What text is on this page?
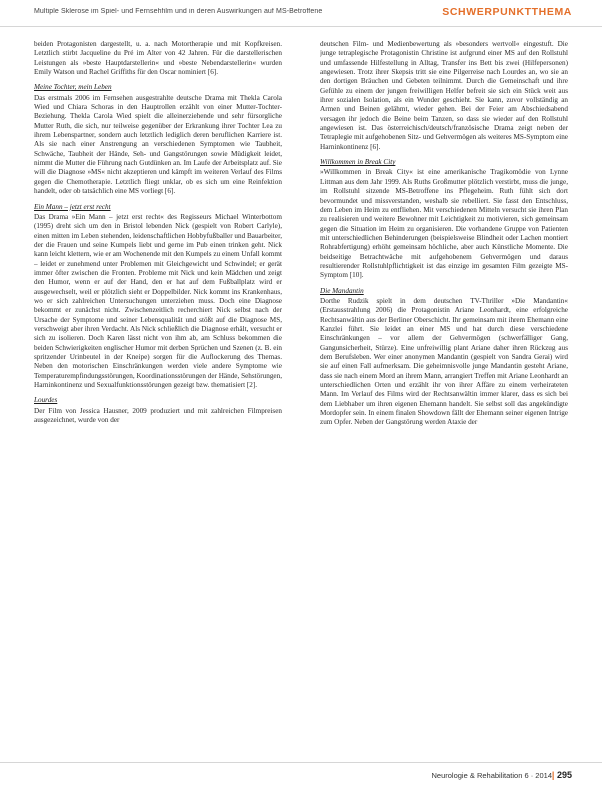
Multiple Sklerose im Spiel- und Fernsehfilm und in deren Auswirkungen auf MS-Betroffene	SCHWERPUNKTTHEMA

beiden Protagonisten dargestellt, u. a. nach Motortherapie und mit Kopfkreisen. Letztlich stirbt Jacqueline du Pré im Alter von 42 Jahren. Für die darstellerischen Leistungen als »beste Hauptdarstellerin« und »beste Nebendarstellerin« wurden Emily Watson und Rachel Griffiths für den Oscar nominiert [6].

Meine Tochter, mein Leben

Das erstmals 2006 im Fernsehen ausgestrahlte deutsche Drama mit Thekla Carola Wied und Chiara Schoras in den Hauptrollen erzählt von einer Mutter-Tochter-Beziehung. Thekla Carola Wied spielt die alleinerziehende und sehr fürsorgliche Mutter Ruth, die sich, nur teilweise gegenüber der Erkrankung ihrer Tochter Lea zu ihrem Lebenspartner, sondern auch letztlich lediglich deren beruflichen Karriere ist. Als sie nach einer Anstrengung an verschiedenen Symptomen wie Taubheit, Schwäche, Taubheit der Hände, Seh- und Gangstörungen sowie Müdigkeit leidet, nimmt die Mutter die Führung nach Gutdünken an. Im Laufe der Arbeitsplatz auf. Sie will die Diagnose »MS« nicht akzeptieren und kämpft im weiteren Verlauf des Films gegen die Chemotherapie. Letztlich fliegt unklar, ob es sich um eine Reinfektion handelt, oder ob tatsächlich eine MS vorliegt [6].

Ein Mann – jetzt erst recht

Das Drama »Ein Mann – jetzt erst recht« des Regisseurs Michael Winterbottom (1995) dreht sich um den in Bristol lebenden Nick (gespielt von Robert Carlyle), einen mitten im Leben stehenden, leidenschaftlichen Hobbyfußballer und Bauarbeiter, der die Frauen und seine Kumpels liebt und gerne im Pub einen trinken geht. Nick kann leicht klettern, wie er am Wochenende mit den Kumpels zu einem Unfall kommt – leidet er zunehmend unter Problemen mit Gleichgewicht und Schwindel; er gerät immer öfter zwischen die Fronten. Probleme mit Nick und kein Mädchen und zeigt den Humor, wenn er auf der Hand, den er hat auf dem Fußballplatz wird er ausgewechselt, weil er plötzlich sieht er Doppelbilder. Nick kommt ins Krankenhaus, wo er sich zahlreichen Untersuchungen unterziehen muss. Doch eine Diagnose bekommt er zunächst nicht. Zwischenzeitlich recherchiert Nick selbst nach der Ursache der Symptome und seiner Lebensqualität und stößt auf die Diagnose MS, verschweigt aber ihren Verdacht. Als Nick schließlich die Diagnose erhält, versucht er sich zu isolieren. Doch Karen lässt nicht von ihm ab, am Schluss bekommen die beiden Schwierigkeiten englischer Humor mit derben Sprüchen und Szenen (z. B. ein spritzender Urinbeutel in der Kneipe) sorgen für die Auflockerung des Themas. Neben den motorischen Einschränkungen werden viele andere Symptome wie Temperaturempfindungsstörungen, Koordinationsstörungen der Hände, Sehstörungen, Harninkontinenz und Sexualfunktionsstörungen gezeigt bzw. thematisiert [2].

Lourdes

Der Film von Jessica Hausner, 2009 produziert und mit zahlreichen Filmpreisen ausgezeichnet, wurde von der

deutschen Film- und Medienbewertung als »besonders wertvoll« eingestuft. Die junge tetraplegische Protagonistin Christine ist aufgrund einer MS auf den Rollstuhl und umfassende Hilfestellung in Alltag, Transfer ins Bett bis zwei (Hilfepersonen) angewiesen. Trotz ihrer Skepsis tritt sie eine Pilgerreise nach Lourdes an, wo sie an den dortigen Bräuchen und Gebeten teilnimmt. Durch die Gemeinschaft und ihre Gefühle zu einem der jungen freiwilligen Helfer befreit sie sich ein Stück weit aus ihrer sozialen Isolation, als ein Wunder geschieht. Sie kann, zuvor vollständig an Armen und Beinen gelähmt, wieder gehen. Bei der Feier am Abschiedsabend versagen ihr jedoch die Beine beim Tanzen, so dass sie wieder auf den Rollstuhl angewiesen ist. Das österreichisch/deutsch/französische Drama zeigt neben der Tetraplegie mit aufgehobenen Sitz- und Gehvermögen als weiteres MS-Symptom eine Harninkontinenz [6].

Willkommen in Break City

»Willkommen in Break City« ist eine amerikanische Tragikomödie von Lynne Littman aus dem Jahr 1999. Als Ruths Großmutter plötzlich verstirbt, muss die junge, im Rollstuhl sitzende MS-Betroffene ins Pflegeheim. Ruth fühlt sich dort bevormundet und missverstanden, weshalb sie rebelliert. Sie fasst den Entschluss, dem Leben im Heim zu entfliehen. Mit verschiedenen Mitteln versucht sie ihren Plan zu realisieren und weitere Bewohner mit Leichtigkeit zu motivieren, sich gemeinsam gegen die Situation im Heim zu organisieren. Die vorhandene Gruppe von Patienten mit unterschiedlichen Behinderungen (beispielsweise Blindheit oder Lachen montiert Rohrabfertigung) erhöht gemeinsam höchliche, aber auch Künstliche Momente. Die beidseitige Betrachtwäche mit aufgehobenem Gehvermögen und daraus resultierender Rollstuhlpflichtigkeit ist das einzige im gesamten Film gezeigte MS-Symptom [10].

Die Mandantin

Dorthe Rudzik spielt in dem deutschen TV-Thriller »Die Mandantin« (Erstausstrahlung 2006) die Protagonistin Ariane Leonhardt, eine erfolgreiche Rechtsanwältin aus der Berliner Oberschicht. Ihr gemeinsam mit ihrem Ehemann eine Kanzlei führt. Sie leidet an einer MS und hat durch diese verschiedene Einschränkungen – vor allem der Gehvermögen (schwerfälliger Gang, Gangunsicherheit, Stürze). Eine unfreiwillig plant Ariane daher ihren Rückzug aus dem Berufsleben. Wer einer anonymen Mandantin (gespielt von Sandra Gerai) wird sie auf einen Fall aufmerksam. Die geheimnisvolle junge Mandantin gesteht Ariane, dass sie nach einem Mord an ihrem Mann, arrangiert Treffen mit Ariane Leonhardt an unterschiedlichen Orten und erzählt ihr von ihrer Affäre zu einem verheirateten Mann. Im Verlauf des Films wird der Rechtsanwältin immer klarer, dass es sich bei dem Liebhaber um ihren eigenen Ehemann handelt. Sie selbst soll das angekündigte Mordopfer sein. In einem finalen Showdown fällt der Ehemann seiner eigenen Intrige zum Opfer. Neben der Gangstörung werden Ataxie der

Neurologie & Rehabilitation 6 · 2014 | 295
